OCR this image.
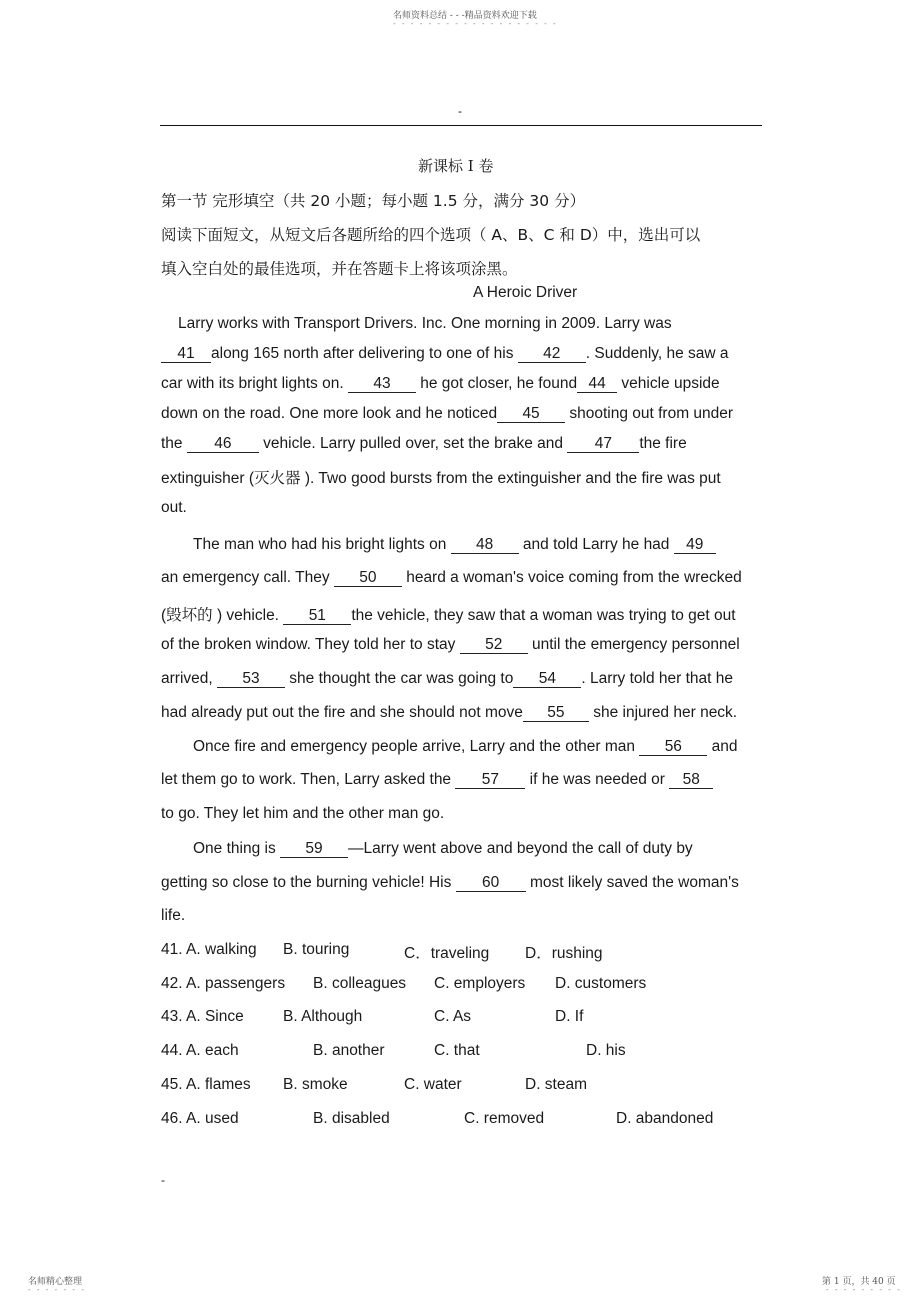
名师资料总结 - - -精品资料欢迎下载
- - - - - - - - - - - - - - - - - - -
-
新课标 I 卷
第一节 完形填空（共 20 小题；每小题 1.5 分，满分 30 分）
阅读下面短文，从短文后各题所给的四个选项（ A、B、C 和 D）中，选出可以
填入空白处的最佳选项，并在答题卡上将该项涂黑。
A Heroic Driver
Larry works with Transport Drivers. Inc. One morning in 2009. Larry was
41 along 165 north after delivering to one of his 42 . Suddenly, he saw a
car with its bright lights on. 43 he got closer, he found 44 vehicle upside
down on the road. One more look and he noticed 45 shooting out from under
the 46 vehicle. Larry pulled over, set the brake and 47 the fire
extinguisher (灭火器 ). Two good bursts from the extinguisher and the fire was put
out.
The man who had his bright lights on 48 and told Larry he had 49
an emergency call. They 50 heard a woman's voice coming from the wrecked
(毁坏的 ) vehicle. 51 the vehicle, they saw that a woman was trying to get out
of the broken window. They told her to stay 52 until the emergency personnel
arrived, 53 she thought the car was going to 54 . Larry told her that he
had already put out the fire and she should not move 55 she injured her neck.
Once fire and emergency people arrive, Larry and the other man 56 and
let them go to work. Then, Larry asked the 57 if he was needed or 58
to go. They let him and the other man go.
One thing is 59 —Larry went above and beyond the call of duty by
getting so close to the burning vehicle! His 60 most likely saved the woman's
life.
41. A. walking B. touring	C．traveling D．rushing
42. A. passengers B. colleagues C. employers D. customers
43. A. Since	B. Although	C. As	D. If
44. A. each	B. another	C. that	D. his
45. A. flames B. smoke	C. water	D. steam
46. A. used	B. disabled	C. removed	D. abandoned
-
名师精心整理
- - - - - - -
第 1 页，共 40 页
- - - - - - - - -
